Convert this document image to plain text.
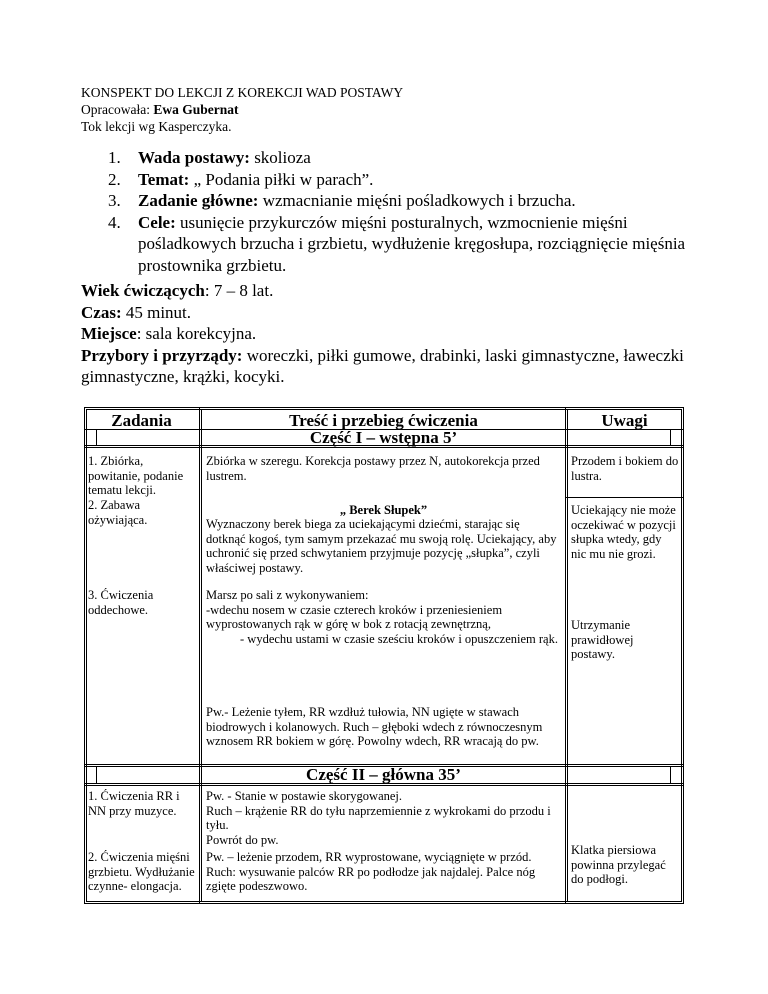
KONSPEKT DO LEKCJI Z KOREKCJI WAD POSTAWY
Opracowała: Ewa Gubernat
Tok lekcji wg Kasperczyka.
1. Wada postawy: skolioza
2. Temat: „ Podania piłki w parach”.
3. Zadanie główne: wzmacnianie mięśni pośladkowych i brzucha.
4. Cele: usunięcie przykurczów mięśni posturalnych, wzmocnienie mięśni pośladkowych brzucha i grzbietu, wydłużenie kręgosłupa, rozciągnięcie mięśnia prostownika grzbietu.
Wiek ćwiczących: 7 – 8 lat.
Czas: 45 minut.
Miejsce: sala korekcyjna.
Przybory i przyrządy: woreczki, piłki gumowe, drabinki, laski gimnastyczne, ławeczki gimnastyczne, krążki, kocyki.
Zadania	Treść i przebieg ćwiczenia	Uwagi
Część I – wstępna 5’
1. Zbiórka, powitanie, podanie tematu lekcji.
2. Zabawa ożywiająca.
3. Ćwiczenia oddechowe.
Zbiórka w szeregu. Korekcja postawy przez N, autokorekcja przed lustrem.
„ Berek Słupek”
Wyznaczony berek biega za uciekającymi dziećmi, starając się dotknąć kogoś, tym samym przekazać mu swoją rolę. Uciekający, aby uchronić się przed schwytaniem przyjmuje pozycję „słupka”, czyli właściwej postawy.
Marsz po sali z wykonywaniem:
-wdechu nosem w czasie czterech kroków i przeniesieniem wyprostowanych rąk w górę w bok z rotacją zewnętrzną,
- wydechu ustami w czasie sześciu kroków i opuszczeniem rąk.
Pw.- Leżenie tyłem, RR wzdłuż tułowia, NN ugięte w stawach biodrowych i kolanowych. Ruch – głęboki wdech z równoczesnym wznosem RR bokiem w górę. Powolny wdech, RR wracają do pw.
Przodem i bokiem do lustra.
Uciekający nie może oczekiwać w pozycji słupka wtedy, gdy nic mu nie grozi.
Utrzymanie prawidłowej postawy.
Część II – główna 35’
1. Ćwiczenia RR i NN przy muzyce.
2. Ćwiczenia mięśni grzbietu. Wydłużanie czynne- elongacja.
Pw. - Stanie w postawie skorygowanej.
Ruch – krążenie RR do tyłu naprzemiennie z wykrokami do przodu i tyłu.
Powrót do pw.
Pw. – leżenie przodem, RR wyprostowane, wyciągnięte w przód.
Ruch: wysuwanie palców RR po podłodze jak najdalej. Palce nóg zgięte podeszwowo.
Klatka piersiowa powinna przylegać do podłogi.
